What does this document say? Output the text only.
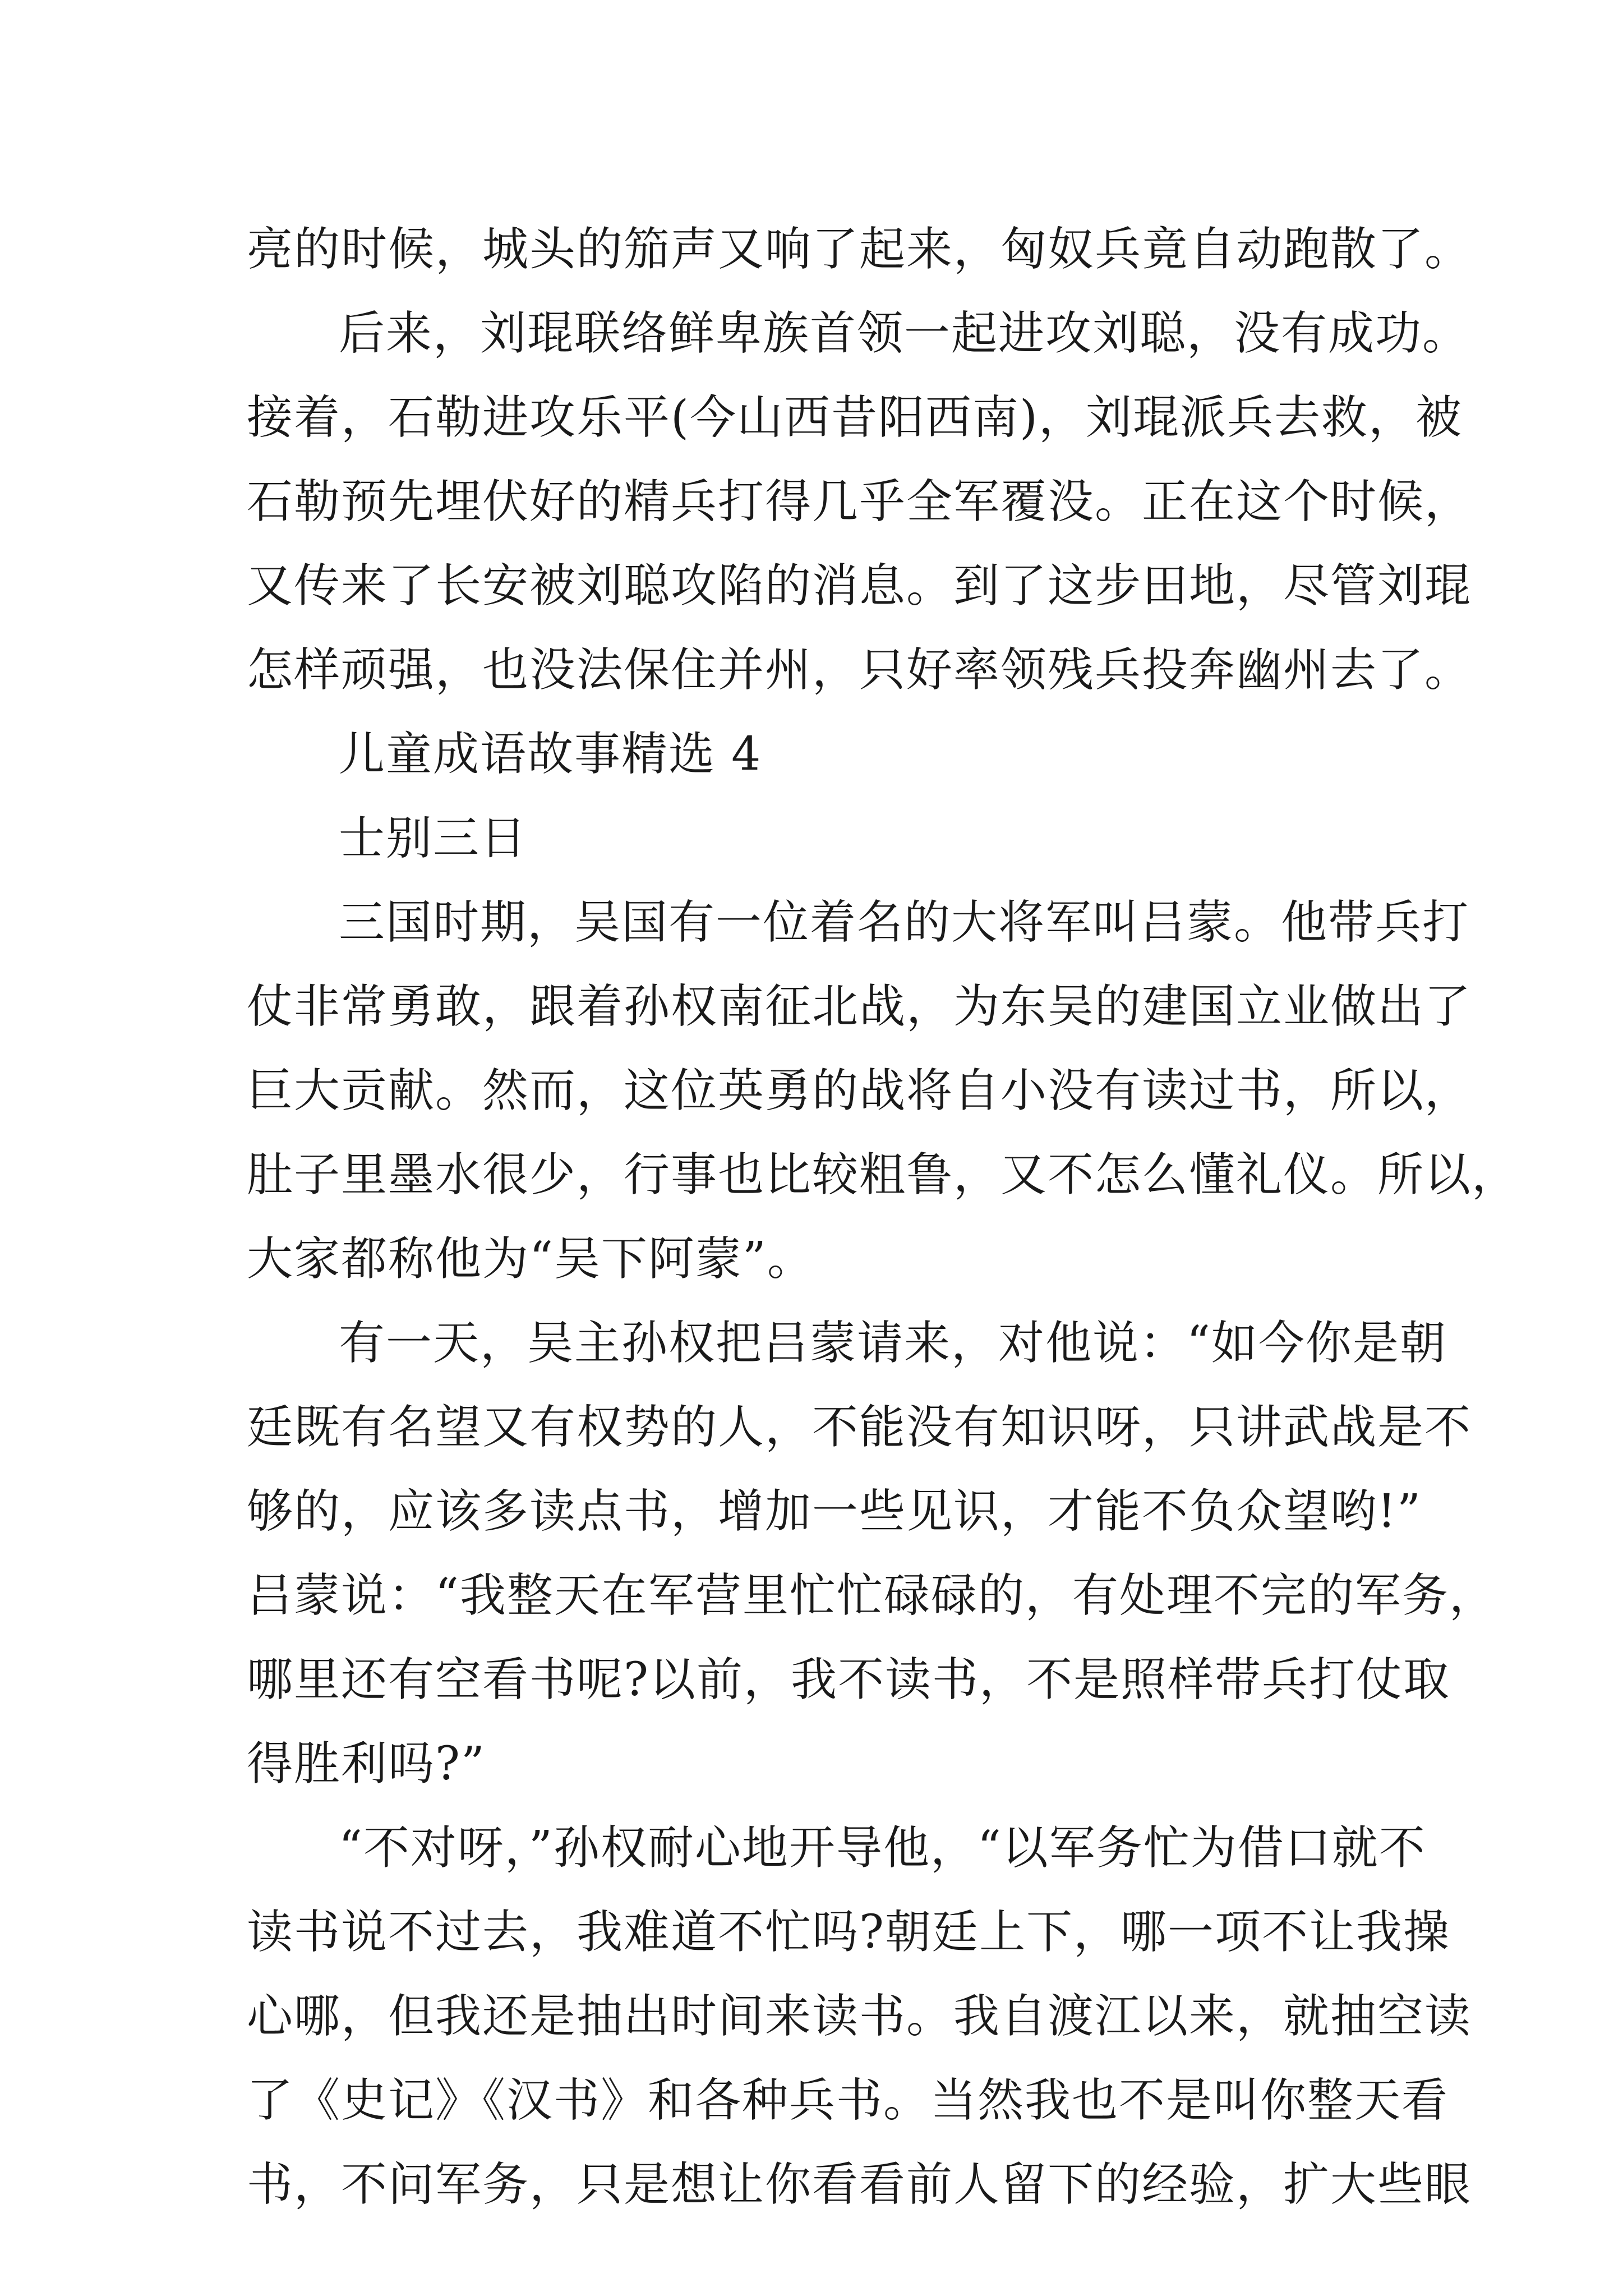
亮的时候，城头的笳声又响了起来，匈奴兵竟自动跑散了。
后来，刘琨联络鲜卑族首领一起进攻刘聪，没有成功。
接着，石勒进攻乐平(今山西昔阳西南)，刘琨派兵去救，被
石勒预先埋伏好的精兵打得几乎全军覆没。正在这个时候，
又传来了长安被刘聪攻陷的消息。到了这步田地，尽管刘琨
怎样顽强，也没法保住并州，只好率领残兵投奔幽州去了。
儿童成语故事精选 4
士别三日
三国时期，吴国有一位着名的大将军叫吕蒙。他带兵打
仗非常勇敢，跟着孙权南征北战，为东吴的建国立业做出了
巨大贡献。然而，这位英勇的战将自小没有读过书，所以，
肚子里墨水很少，行事也比较粗鲁，又不怎么懂礼仪。所以，
大家都称他为“吴下阿蒙”。
有一天，吴主孙权把吕蒙请来，对他说：“如今你是朝
廷既有名望又有权势的人，不能没有知识呀，只讲武战是不
够的，应该多读点书，增加一些见识，才能不负众望哟!”
吕蒙说：“我整天在军营里忙忙碌碌的，有处理不完的军务，
哪里还有空看书呢?以前，我不读书，不是照样带兵打仗取
得胜利吗?”
“不对呀，”孙权耐心地开导他，“以军务忙为借口就不
读书说不过去，我难道不忙吗?朝廷上下，哪一项不让我操
心哪，但我还是抽出时间来读书。我自渡江以来，就抽空读
了《史记》《汉书》和各种兵书。当然我也不是叫你整天看
书，不问军务，只是想让你看看前人留下的经验，扩大些眼
